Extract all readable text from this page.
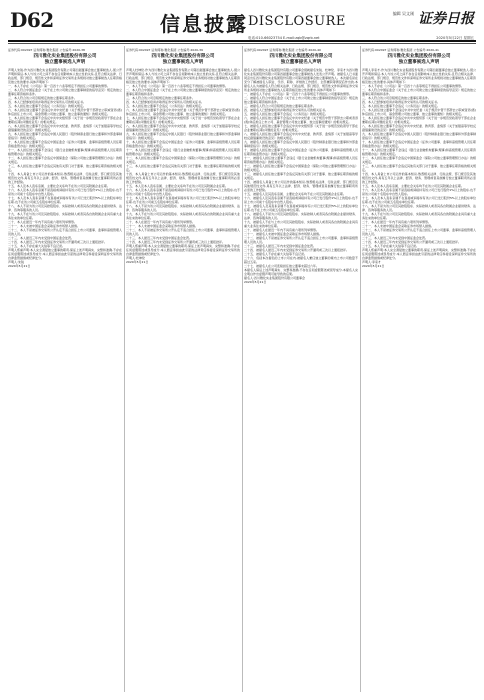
D62	信息披露 DISCLOSURE
编辑 吴文刚 证券日报
电话:010-66023754 E-mail:zqb@zqrb.net	2020年5月22日 星期五
证券代码:002497 证券简称:雅化集团 公告编号:2020-38
四川雅化实业集团股份有限公司
独立董事候选人声明

声明人朱锐,作为四川雅化实业集团股份有限公司第四届董事会独立董事候选人,现公开声明和保证,本人与该公司之间不存在任何影响本人独立性的关系,且符合相关法律、行政法规、部门规章、规范性文件和深圳证券交易所业务规则对独立董事候选人任职资格及独立性的要求,具体声明如下:

一、本人不存在《公司法》第一百四十六条等规定不得担任公司董事的情形。

二、本人符合中国证监会《关于在上市公司建立独立董事制度的指导意见》规定的独立董事任职资格和条件。

三、本人符合该公司章程规定的独立董事任职条件。

四、本人已经参加培训并取得证券交易所认可的相关证书。

五、本人担任独立董事不会违反《公务员法》的相关规定。

六、本人担任独立董事不会违反中共中央纪委《关于规范中管干部辞去公职或者退(离)休后担任上市公司、基金管理公司独立董事、独立监事的通知》的相关规定。

七、本人担任独立董事不会违反中共中央组织部《关于进一步规范党政领导干部在企业兼职(任职)问题的意见》的相关规定。

八、本人担任独立董事不会违反中共中央纪委、教育部、监察部《关于加强高等学校反腐倡廉建设的意见》的相关规定。

九、本人担任独立董事不会违反中国人民银行《股份制商业银行独立董事和外部监事制度指引》的相关规定。

十、本人担任独立董事不会违反中国证监会《证券公司董事、监事和高级管理人员任职资格监管办法》的相关规定。

十一、本人担任独立董事不会违反《银行业金融机构董事(理事)和高级管理人员任职资格管理办法》的相关规定。

十二、本人担任独立董事不会违反中国保监会《保险公司独立董事管理暂行办法》的相关规定。

十三、本人担任独立董事不会违反其他有关部门对于董事、独立董事任职资格的相关规定。

十四、本人具备上市公司运作的基本知识,熟悉相关法律、行政法规、部门规章及其他规范性文件,具有五年以上法律、经济、财务、管理或者其他履行独立董事职责所必需的工作经验。

十五、本人及本人直系亲属、主要社会关系均不在该公司及其附属企业任职。

十六、本人及本人直系亲属不是直接或间接持有该公司已发行股份1%以上的股东,也不是该公司前十名股东中自然人股东。

十七、本人及本人直系亲属不在直接或间接持有该公司已发行股份5%以上的股东单位任职,也不在该公司前五名股东单位任职。

十八、本人不是为该公司及其控股股东、实际控制人或者其各自附属企业提供财务、法律、咨询等服务的人员。

十九、本人不在与该公司及其控股股东、实际控制人或者其各自的附属企业具有重大业务往来的单位任职。

二十、本人在最近一年内不具有前六项所列举情形。

二十一、本人未被中国证监会采取证券市场禁入措施。

二十二、本人不是被证券交易所公开认定不适合担任上市公司董事、监事和高级管理人员的人员。

二十三、本人最近三年内未受到中国证监会处罚。

二十四、本人最近三年内未受到证券交易所公开谴责或三次以上通报批评。

二十五、本人不存在重大失信等不良记录。

声明人郑重声明:本人完全清楚独立董事的职责,保证上述声明真实、完整和准确,不存在任何虚假陈述或误导成分,本人愿意承担由此引起的法律责任和接受深圳证券交易所的自律监管措施或纪律处分。

声明人:朱锐

2020年5月21日

证券代码:002497 证券简称:雅化集团 公告编号:2020-39
四川雅化实业集团股份有限公司
独立董事候选人声明

声明人杜坤伦,作为四川雅化实业集团股份有限公司第四届董事会独立董事候选人,现公开声明和保证,本人与该公司之间不存在任何影响本人独立性的关系,且符合相关法律、行政法规、部门规章、规范性文件和深圳证券交易所业务规则对独立董事候选人任职资格及独立性的要求,具体声明如下:

一、本人不存在《公司法》第一百四十六条等规定不得担任公司董事的情形。

二、本人符合中国证监会《关于在上市公司建立独立董事制度的指导意见》规定的独立董事任职资格和条件。

三、本人符合该公司章程规定的独立董事任职条件。

四、本人已经参加培训并取得证券交易所认可的相关证书。

五、本人担任独立董事不会违反《公务员法》的相关规定。

六、本人担任独立董事不会违反中共中央纪委《关于规范中管干部辞去公职或者退(离)休后担任上市公司、基金管理公司独立董事、独立监事的通知》的相关规定。

七、本人担任独立董事不会违反中共中央组织部《关于进一步规范党政领导干部在企业兼职(任职)问题的意见》的相关规定。

八、本人担任独立董事不会违反中共中央纪委、教育部、监察部《关于加强高等学校反腐倡廉建设的意见》的相关规定。

九、本人担任独立董事不会违反中国人民银行《股份制商业银行独立董事和外部监事制度指引》的相关规定。

十、本人担任独立董事不会违反中国证监会《证券公司董事、监事和高级管理人员任职资格监管办法》的相关规定。

十一、本人担任独立董事不会违反《银行业金融机构董事(理事)和高级管理人员任职资格管理办法》的相关规定。

十二、本人担任独立董事不会违反中国保监会《保险公司独立董事管理暂行办法》的相关规定。

十三、本人担任独立董事不会违反其他有关部门对于董事、独立董事任职资格的相关规定。

十四、本人具备上市公司运作的基本知识,熟悉相关法律、行政法规、部门规章及其他规范性文件,具有五年以上法律、经济、财务、管理或者其他履行独立董事职责所必需的工作经验。

十五、本人及本人直系亲属、主要社会关系均不在该公司及其附属企业任职。

十六、本人及本人直系亲属不是直接或间接持有该公司已发行股份1%以上的股东,也不是该公司前十名股东中自然人股东。

十七、本人及本人直系亲属不在直接或间接持有该公司已发行股份5%以上的股东单位任职,也不在该公司前五名股东单位任职。

十八、本人不是为该公司及其控股股东、实际控制人或者其各自附属企业提供财务、法律、咨询等服务的人员。

十九、本人不在与该公司及其控股股东、实际控制人或者其各自的附属企业具有重大业务往来的单位任职。

二十、本人在最近一年内不具有前六项所列举情形。

二十一、本人未被中国证监会采取证券市场禁入措施。

二十二、本人不是被证券交易所公开认定不适合担任上市公司董事、监事和高级管理人员的人员。

二十三、本人最近三年内未受到中国证监会处罚。

二十四、本人最近三年内未受到证券交易所公开谴责或三次以上通报批评。

声明人郑重声明:本人完全清楚独立董事的职责,保证上述声明真实、完整和准确,不存在任何虚假陈述或误导成分,本人愿意承担由此引起的法律责任和接受深圳证券交易所的自律监管措施或纪律处分。

声明人:杜坤伦

2020年5月21日

证券代码:002497 证券简称:雅化集团 公告编号:2020-40
四川雅化实业集团股份有限公司
独立董事提名人声明

提名人四川雅化实业集团股份有限公司董事会现就提名朱锐、杜坤伦、李家才为四川雅化实业集团股份有限公司第四届董事会独立董事候选人发表公开声明。被提名人已书面同意出任四川雅化实业集团股份有限公司第四届董事会独立董事候选人。本次提名是在充分了解被提名人职业、学历、职称、详细的工作经历、全部兼职等情况后作出的,本提名人认为被提名人符合相关法律、行政法规、部门规章、规范性文件和深圳证券交易所业务规则对独立董事候选人任职资格及独立性的要求,具体声明如下:

一、被提名人不存在《公司法》第一百四十六条等规定不得担任公司董事的情形。

二、被提名人符合中国证监会《关于在上市公司建立独立董事制度的指导意见》规定的独立董事任职资格和条件。

三、被提名人符合公司章程规定的独立董事任职条件。

四、被提名人已经参加培训并取得证券交易所认可的相关证书。

五、被提名人担任独立董事不会违反《公务员法》的相关规定。

六、被提名人担任独立董事不会违反中共中央纪委《关于规范中管干部辞去公职或者退(离)休后担任上市公司、基金管理公司独立董事、独立监事的通知》的相关规定。

七、被提名人担任独立董事不会违反中共中央组织部《关于进一步规范党政领导干部在企业兼职(任职)问题的意见》的相关规定。

八、被提名人担任独立董事不会违反中共中央纪委、教育部、监察部《关于加强高等学校反腐倡廉建设的意见》的相关规定。

九、被提名人担任独立董事不会违反中国人民银行《股份制商业银行独立董事和外部监事制度指引》的相关规定。

十、被提名人担任独立董事不会违反中国证监会《证券公司董事、监事和高级管理人员任职资格监管办法》的相关规定。

十一、被提名人担任独立董事不会违反《银行业金融机构董事(理事)和高级管理人员任职资格管理办法》的相关规定。

十二、被提名人担任独立董事不会违反中国保监会《保险公司独立董事管理暂行办法》的相关规定。

十三、被提名人担任独立董事不会违反其他有关部门对于董事、独立董事任职资格的相关规定。

十四、被提名人具备上市公司运作的基本知识,熟悉相关法律、行政法规、部门规章及其他规范性文件,具有五年以上法律、经济、财务、管理或者其他履行独立董事职责所必需的工作经验。

十五、被提名人及其直系亲属、主要社会关系均不在公司及其附属企业任职。

十六、被提名人及其直系亲属不是直接或间接持有公司已发行股份1%以上的股东,也不是上市公司前十名股东中自然人股东。

十七、被提名人及其直系亲属不在直接或间接持有公司已发行股份5%以上的股东单位任职,也不在上市公司前五名股东单位任职。

十八、被提名人不是为公司及其控股股东、实际控制人或者其各自附属企业提供财务、法律、咨询等服务的人员。

十九、被提名人不在与上市公司及其控股股东、实际控制人或者其各自的附属企业具有重大业务往来的单位任职。

二十、被提名人在最近一年内不具有前六项所列举情形。

二十一、被提名人未被中国证监会采取证券市场禁入措施。

二十二、被提名人不是被证券交易所公开认定不适合担任上市公司董事、监事和高级管理人员的人员。

二十三、被提名人最近三年内未受到中国证监会处罚。

二十四、被提名人最近三年内未受到证券交易所公开谴责或三次以上通报批评。

二十五、被提名人不存在重大失信等不良记录。

二十六、包括本次提名的上市公司在内,被提名人兼任独立董事的境内上市公司数量不超过五家。

二十七、被提名人在公司连续担任独立董事未超过六年。

本提名人保证上述声明真实、完整和准确,不存在任何虚假陈述或误导成分,本提名人完全明白作出虚假声明可能导致的后果。

提名人:四川雅化实业集团股份有限公司董事会

2020年5月21日

证券代码:002497 证券简称:雅化集团 公告编号:2020-41
四川雅化实业集团股份有限公司
独立董事候选人声明

声明人李家才,作为四川雅化实业集团股份有限公司第四届董事会独立董事候选人,现公开声明和保证,本人与该公司之间不存在任何影响本人独立性的关系,且符合相关法律、行政法规、部门规章、规范性文件和深圳证券交易所业务规则对独立董事候选人任职资格及独立性的要求,具体声明如下:

一、本人不存在《公司法》第一百四十六条等规定不得担任公司董事的情形。

二、本人符合中国证监会《关于在上市公司建立独立董事制度的指导意见》规定的独立董事任职资格和条件。

三、本人符合该公司章程规定的独立董事任职条件。

四、本人已经参加培训并取得证券交易所认可的相关证书。

五、本人担任独立董事不会违反《公务员法》的相关规定。

六、本人担任独立董事不会违反中共中央纪委《关于规范中管干部辞去公职或者退(离)休后担任上市公司、基金管理公司独立董事、独立监事的通知》的相关规定。

七、本人担任独立董事不会违反中共中央组织部《关于进一步规范党政领导干部在企业兼职(任职)问题的意见》的相关规定。

八、本人担任独立董事不会违反中共中央纪委、教育部、监察部《关于加强高等学校反腐倡廉建设的意见》的相关规定。

九、本人担任独立董事不会违反中国人民银行《股份制商业银行独立董事和外部监事制度指引》的相关规定。

十、本人担任独立董事不会违反中国证监会《证券公司董事、监事和高级管理人员任职资格监管办法》的相关规定。

十一、本人担任独立董事不会违反《银行业金融机构董事(理事)和高级管理人员任职资格管理办法》的相关规定。

十二、本人担任独立董事不会违反中国保监会《保险公司独立董事管理暂行办法》的相关规定。

十三、本人担任独立董事不会违反其他有关部门对于董事、独立董事任职资格的相关规定。

十四、本人具备上市公司运作的基本知识,熟悉相关法律、行政法规、部门规章及其他规范性文件,具有五年以上法律、经济、财务、管理或者其他履行独立董事职责所必需的工作经验。

十五、本人及本人直系亲属、主要社会关系均不在该公司及其附属企业任职。

十六、本人及本人直系亲属不是直接或间接持有该公司已发行股份1%以上的股东,也不是该公司前十名股东中自然人股东。

十七、本人及本人直系亲属不在直接或间接持有该公司已发行股份5%以上的股东单位任职,也不在该公司前五名股东单位任职。

十八、本人不是为该公司及其控股股东、实际控制人或者其各自附属企业提供财务、法律、咨询等服务的人员。

十九、本人不在与该公司及其控股股东、实际控制人或者其各自的附属企业具有重大业务往来的单位任职。

二十、本人在最近一年内不具有前六项所列举情形。

二十一、本人未被中国证监会采取证券市场禁入措施。

二十二、本人不是被证券交易所公开认定不适合担任上市公司董事、监事和高级管理人员的人员。

二十三、本人最近三年内未受到中国证监会处罚。

二十四、本人最近三年内未受到证券交易所公开谴责或三次以上通报批评。

二十五、本人不存在重大失信等不良记录。

声明人郑重声明:本人完全清楚独立董事的职责,保证上述声明真实、完整和准确,不存在任何虚假陈述或误导成分,本人愿意承担由此引起的法律责任和接受深圳证券交易所的自律监管措施或纪律处分。

声明人:李家才

2020年5月21日
